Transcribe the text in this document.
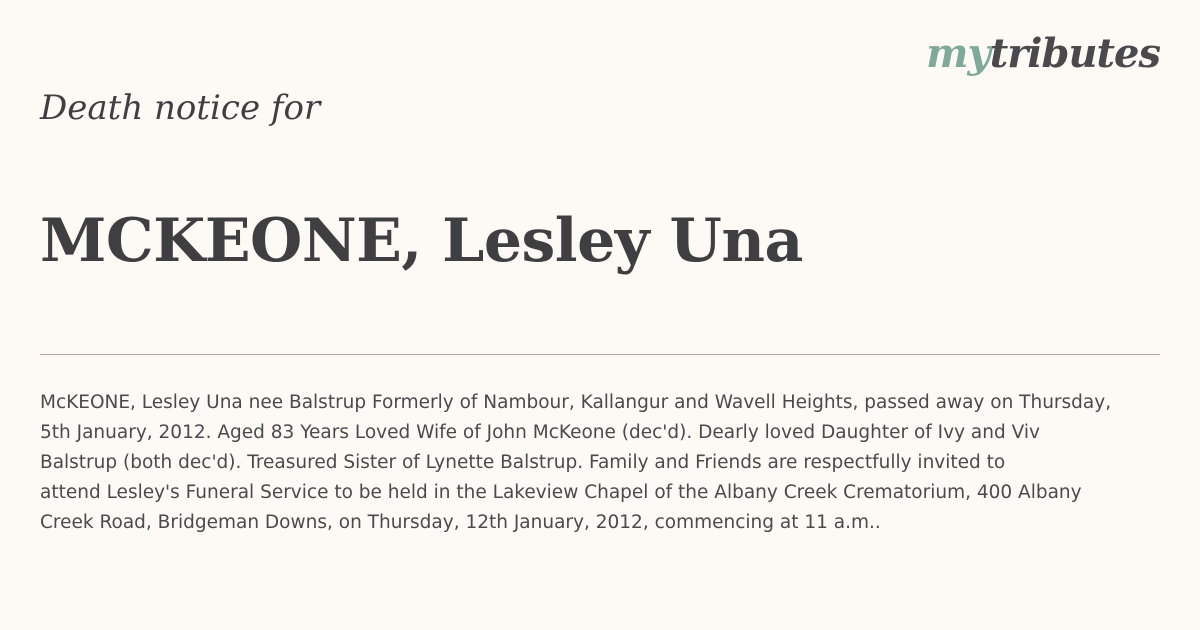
mytributes
Death notice for
MCKEONE, Lesley Una

McKEONE, Lesley Una nee Balstrup Formerly of Nambour, Kallangur and Wavell Heights, passed away on Thursday,
5th January, 2012. Aged 83 Years Loved Wife of John McKeone (dec'd). Dearly loved Daughter of Ivy and Viv
Balstrup (both dec'd). Treasured Sister of Lynette Balstrup. Family and Friends are respectfully invited to
attend Lesley's Funeral Service to be held in the Lakeview Chapel of the Albany Creek Crematorium, 400 Albany
Creek Road, Bridgeman Downs, on Thursday, 12th January, 2012, commencing at 11 a.m..
